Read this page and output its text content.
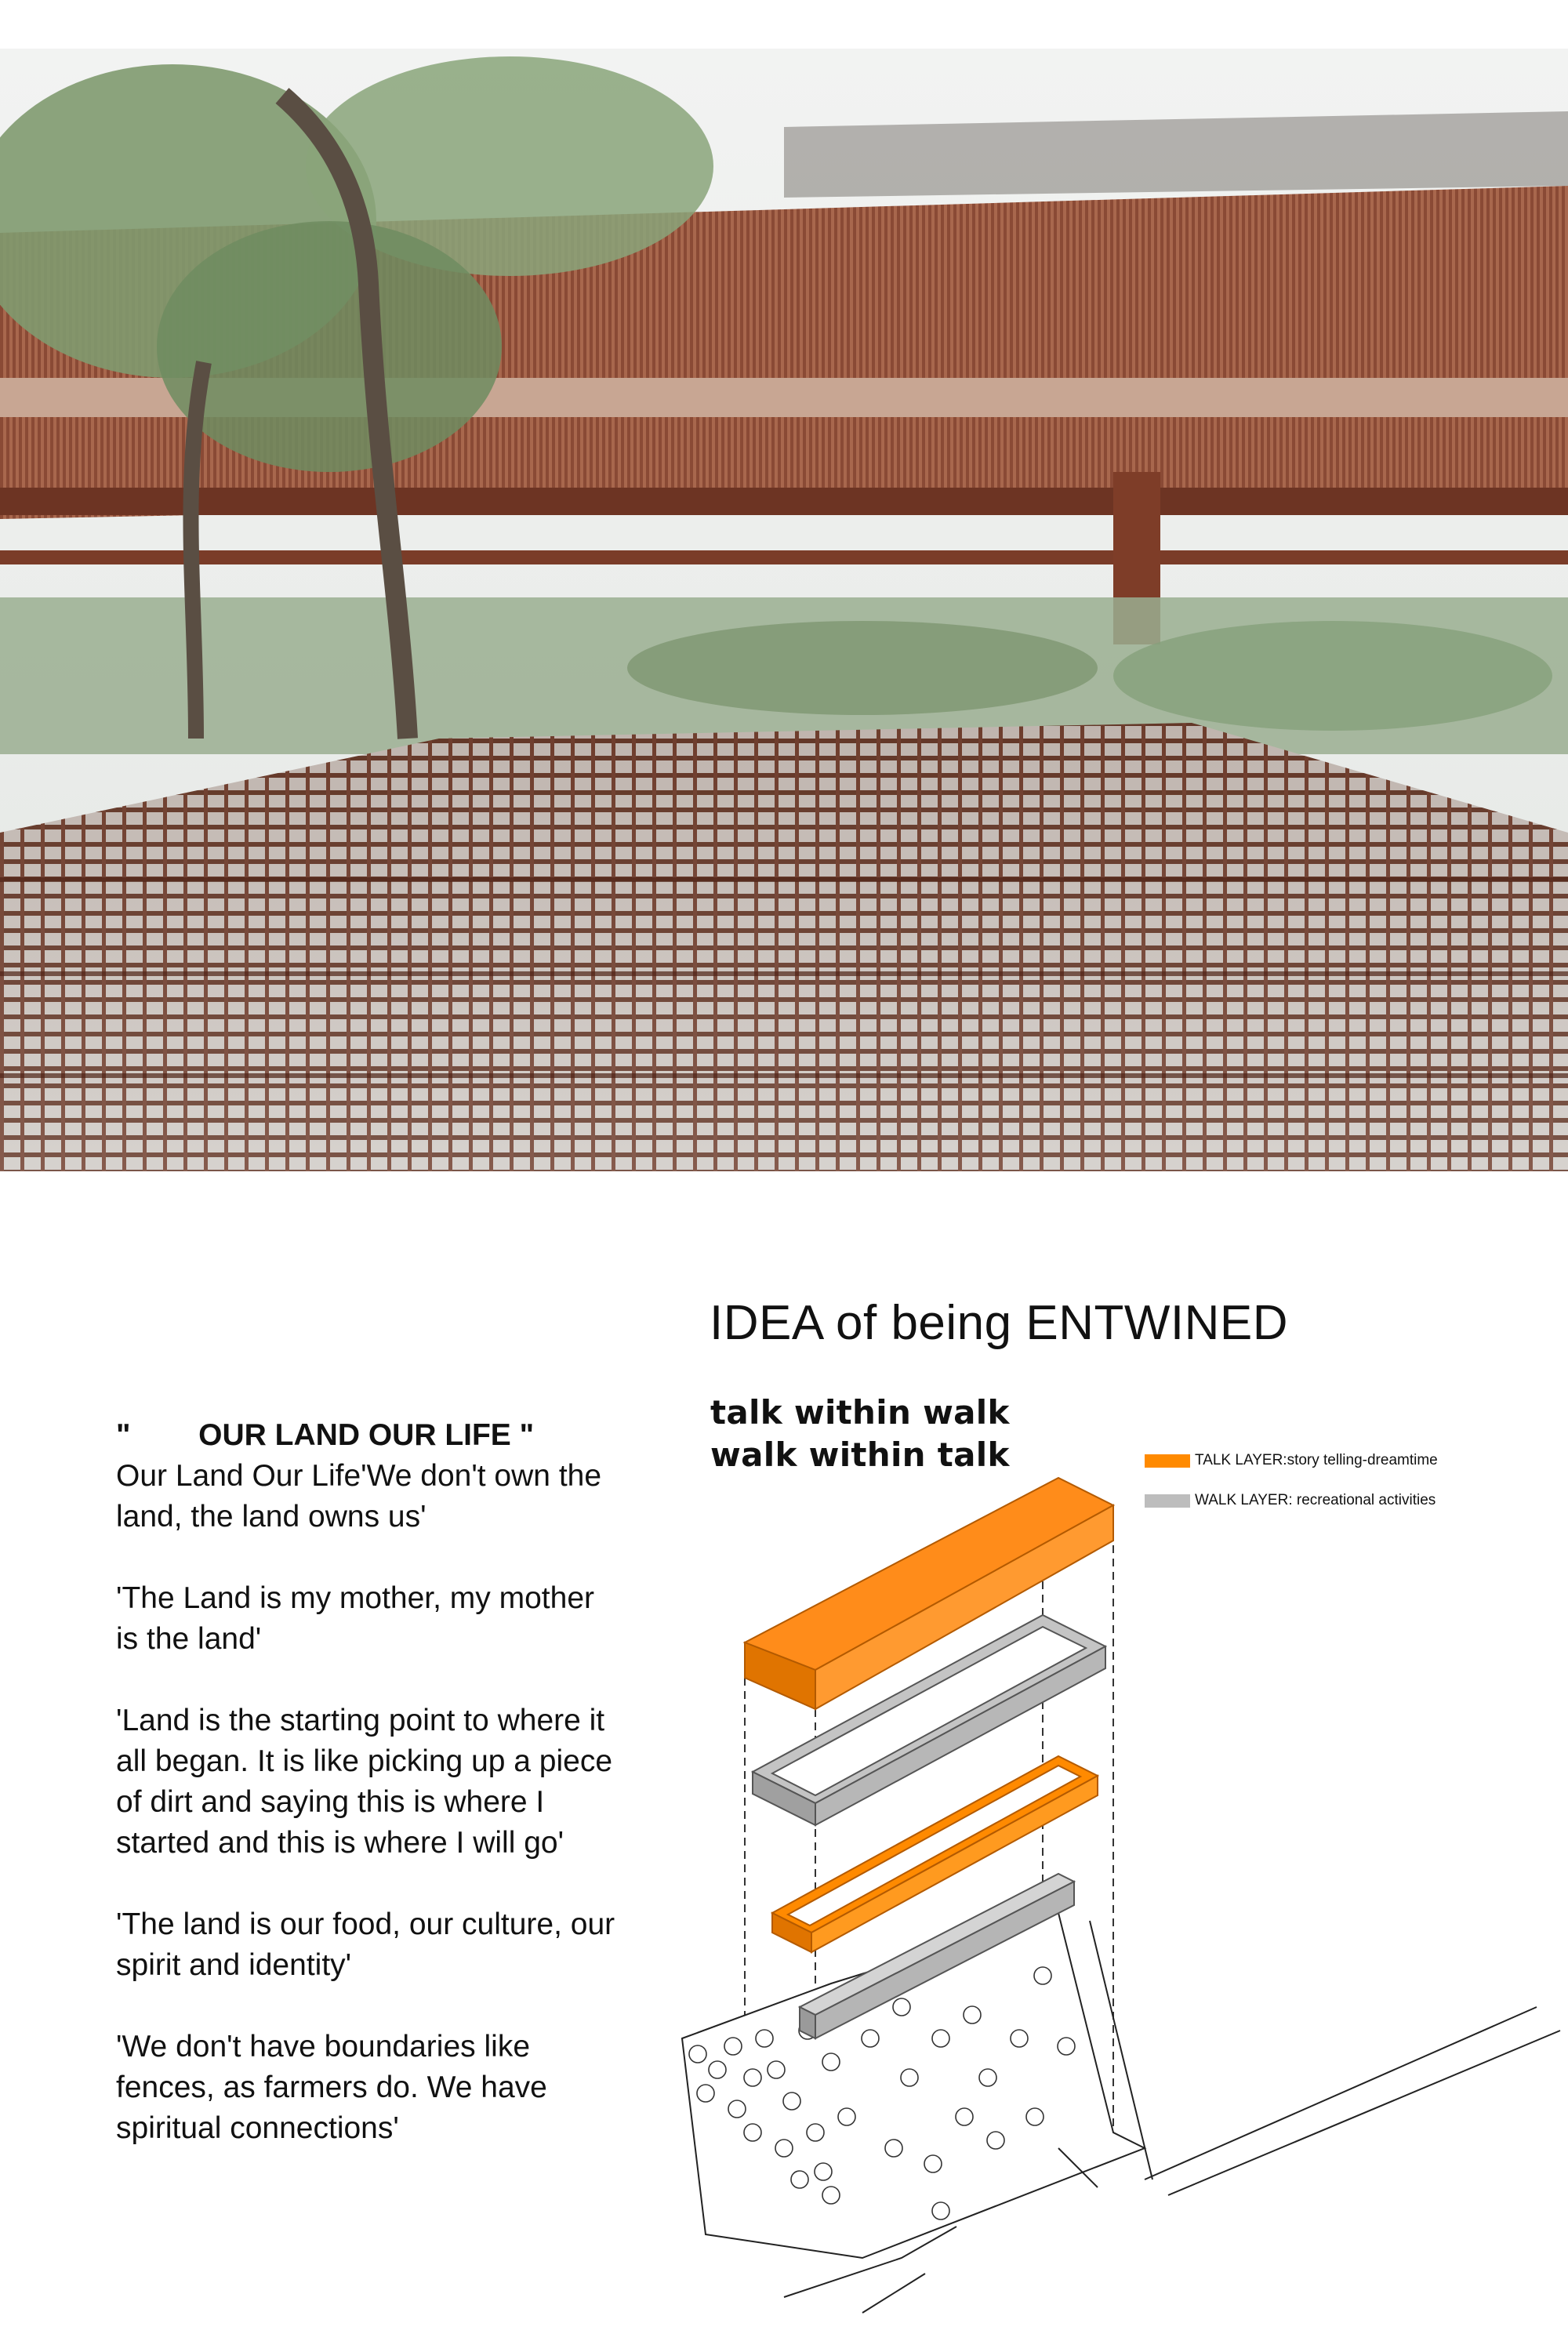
IDEA of being ENTWINED
talk within walk
walk within talk	TALK LAYER:story telling-dreamtime
WALK LAYER: recreational activities
"        OUR LAND OUR LIFE "

Our Land Our Life'We don't own the land, the land owns us'

'The Land is my mother, my mother is the land'

'Land is the starting point to where it all began. It is like picking up a piece of dirt and saying this is where I started and this is where I will go'

'The land is our food, our culture, our spirit and identity'

'We don't have boundaries like fences, as farmers do. We have spiritual connections'
